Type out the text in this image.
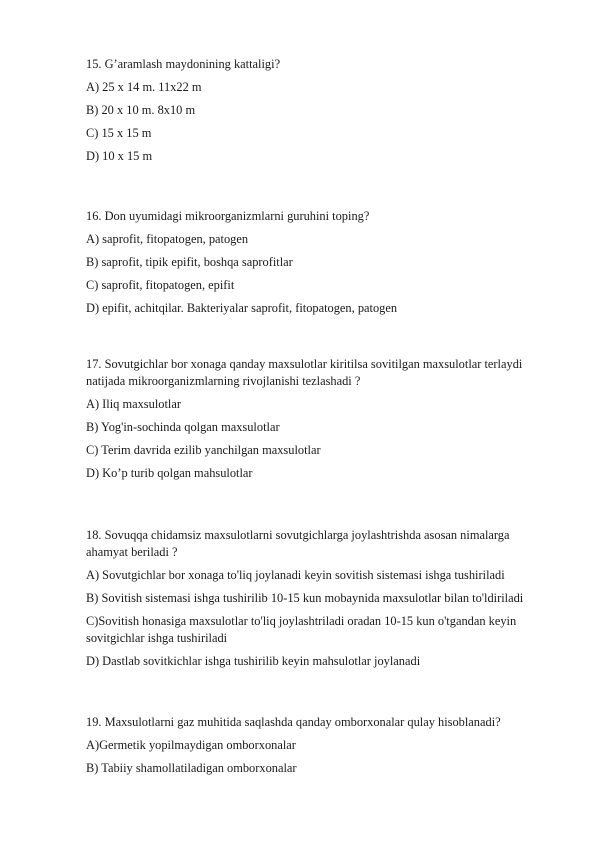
15. G’aramlash maydonining kattaligi?
A) 25 x 14 m. 11x22 m
B) 20 x 10 m. 8x10 m
C) 15 x 15 m
D) 10 x 15 m
16. Don uyumidagi mikroorganizmlarni guruhini toping?
A) saprofit, fitopatogen, patogen
B) saprofit, tipik epifit, boshqa saprofitlar
C) saprofit, fitopatogen, epifit
D) epifit, achitqilar. Bakteriyalar saprofit, fitopatogen, patogen
17. Sovutgichlar bor xonaga qanday maxsulotlar kiritilsa sovitilgan maxsulotlar terlaydi
natijada mikroorganizmlarning rivojlanishi tezlashadi ?
A) Iliq maxsulotlar
B) Yog'in-sochinda qolgan maxsulotlar
C) Terim davrida ezilib yanchilgan maxsulotlar
D) Ko’p turib qolgan mahsulotlar
18. Sovuqqa chidamsiz maxsulotlarni sovutgichlarga joylashtrishda asosan nimalarga
ahamyat beriladi ?
A) Sovutgichlar bor xonaga to'liq joylanadi keyin sovitish sistemasi ishga tushiriladi
B) Sovitish sistemasi ishga tushirilib 10-15 kun mobaynida maxsulotlar bilan to'ldiriladi
C)Sovitish honasiga maxsulotlar to'liq joylashtriladi oradan 10-15 kun o'tgandan keyin
sovitgichlar ishga tushiriladi
D) Dastlab sovitkichlar ishga tushirilib keyin mahsulotlar joylanadi
19. Maxsulotlarni gaz muhitida saqlashda qanday omborxonalar qulay hisoblanadi?
A)Germetik yopilmaydigan omborxonalar
B) Tabiiy shamollatiladigan omborxonalar
